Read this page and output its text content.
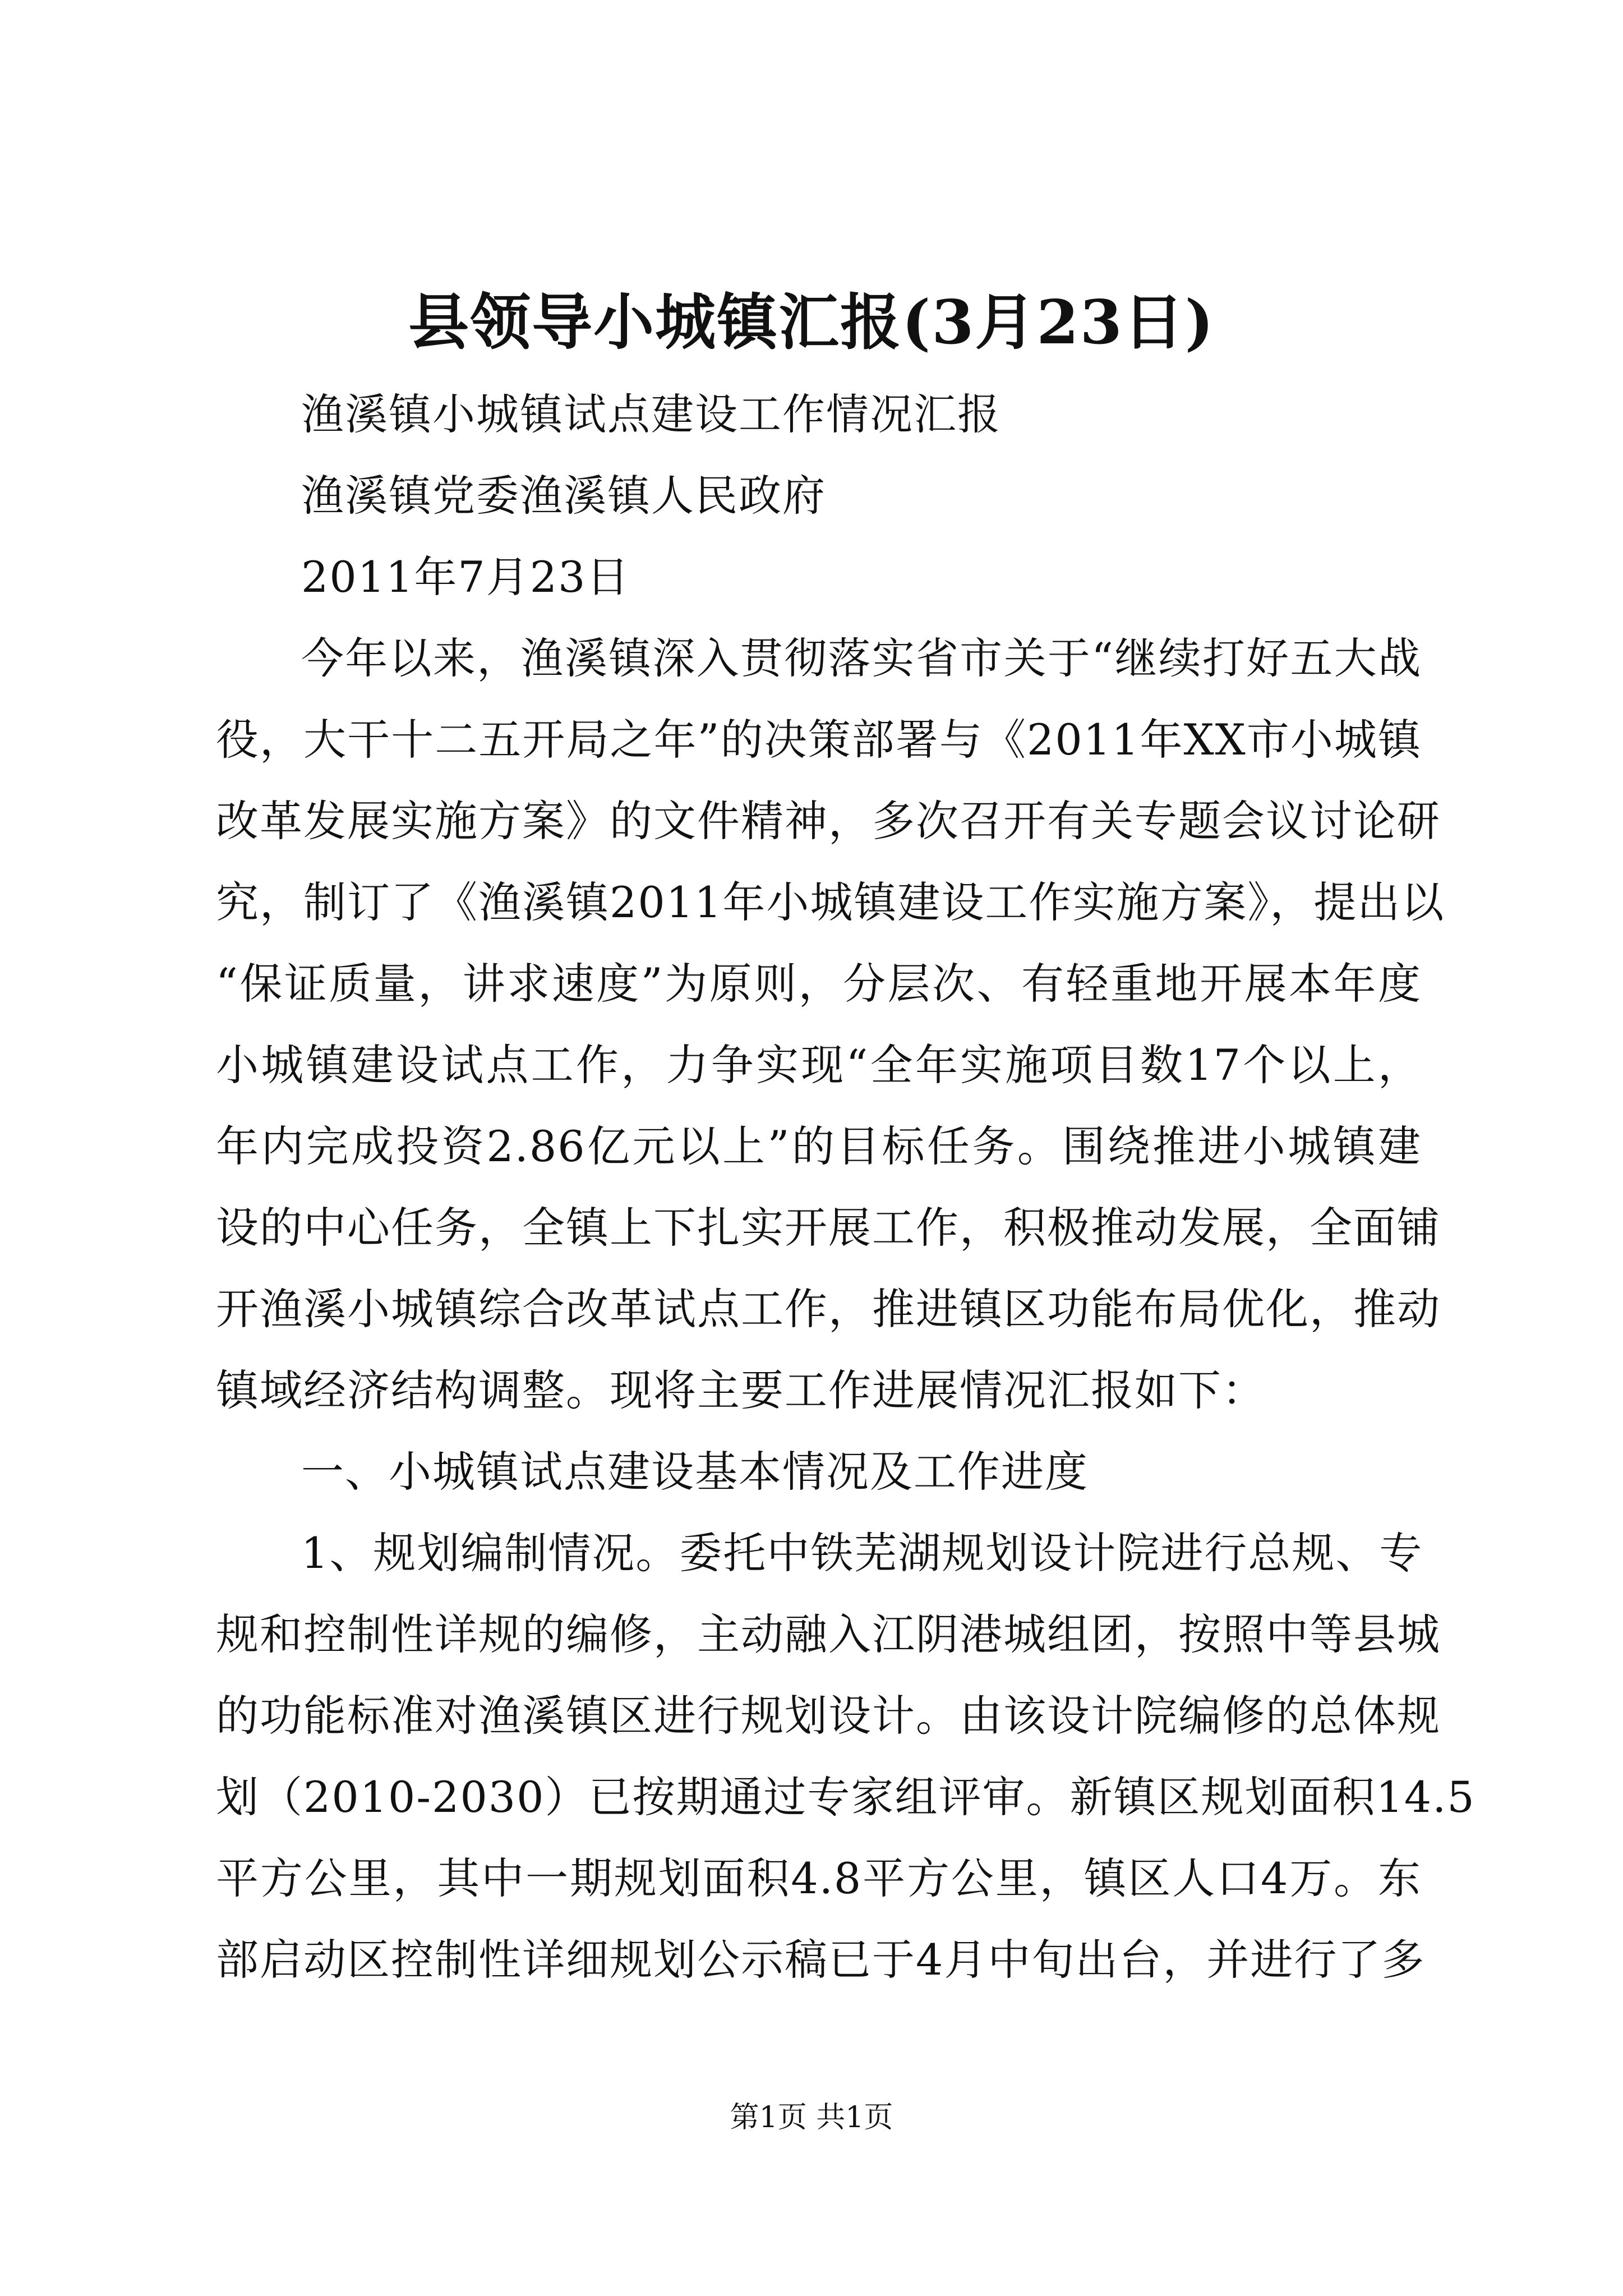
县领导小城镇汇报(3月23日)
渔溪镇小城镇试点建设工作情况汇报
渔溪镇党委渔溪镇人民政府
2011年7月23日
今年以来，渔溪镇深入贯彻落实省市关于“继续打好五大战
役，大干十二五开局之年”的决策部署与《2011年XX市小城镇
改革发展实施方案》的文件精神，多次召开有关专题会议讨论研
究，制订了《渔溪镇2011年小城镇建设工作实施方案》，提出以
“保证质量，讲求速度”为原则，分层次、有轻重地开展本年度
小城镇建设试点工作，力争实现“全年实施项目数17个以上，
年内完成投资2.86亿元以上”的目标任务。围绕推进小城镇建
设的中心任务，全镇上下扎实开展工作，积极推动发展，全面铺
开渔溪小城镇综合改革试点工作，推进镇区功能布局优化，推动
镇域经济结构调整。现将主要工作进展情况汇报如下：
一、小城镇试点建设基本情况及工作进度
1、规划编制情况。委托中铁芜湖规划设计院进行总规、专
规和控制性详规的编修，主动融入江阴港城组团，按照中等县城
的功能标准对渔溪镇区进行规划设计。由该设计院编修的总体规
划（2010-2030）已按期通过专家组评审。新镇区规划面积14.5
平方公里，其中一期规划面积4.8平方公里，镇区人口4万。东
部启动区控制性详细规划公示稿已于4月中旬出台，并进行了多
第1页 共1页
